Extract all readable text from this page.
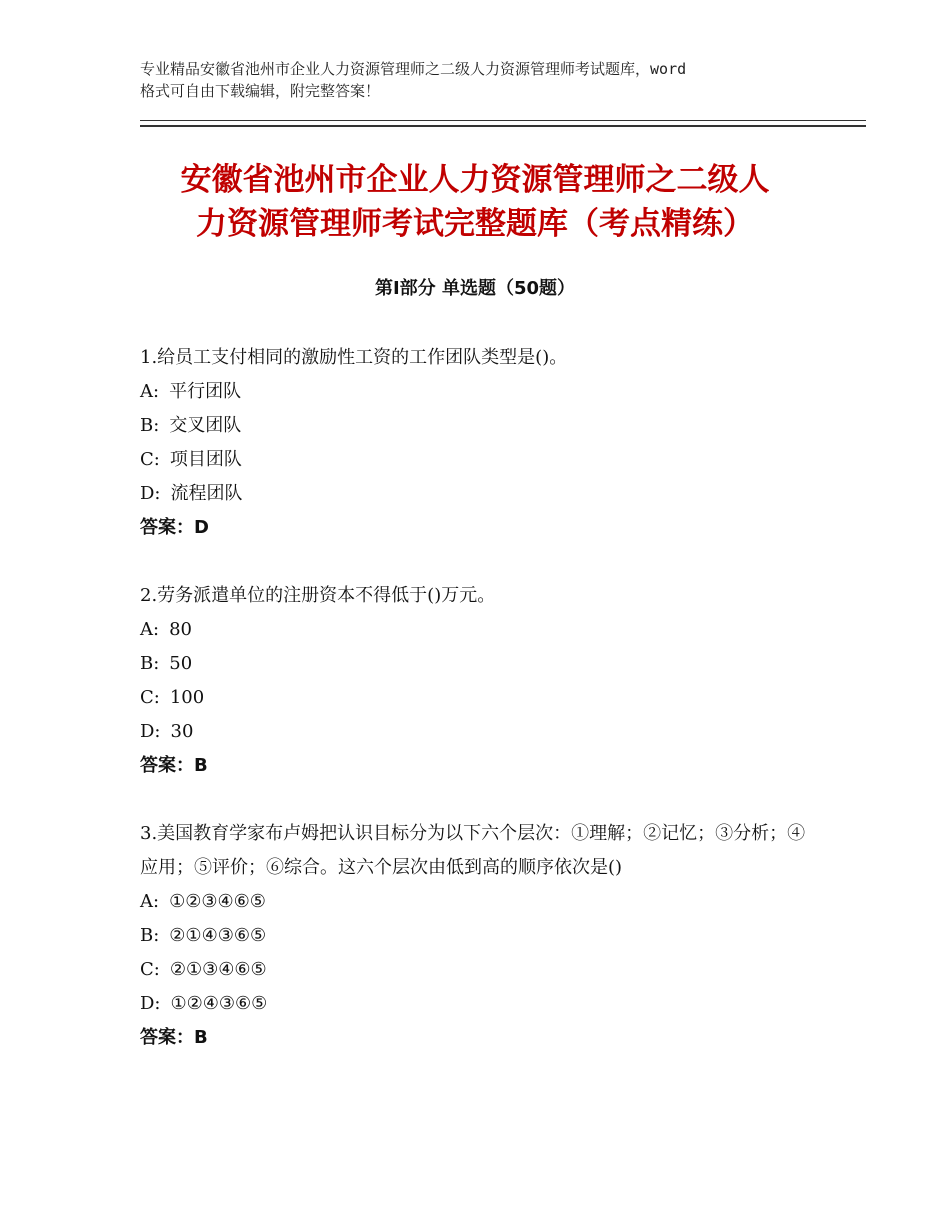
专业精品安徽省池州市企业人力资源管理师之二级人力资源管理师考试题库，word
格式可自由下载编辑，附完整答案！
安徽省池州市企业人力资源管理师之二级人
力资源管理师考试完整题库（考点精练）
第Ⅰ部分 单选题（50题）
1.给员工支付相同的激励性工资的工作团队类型是()。
A: 平行团队
B: 交叉团队
C: 项目团队
D: 流程团队
答案：D
2.劳务派遣单位的注册资本不得低于()万元。
A: 80
B: 50
C: 100
D: 30
答案：B
3.美国教育学家布卢姆把认识目标分为以下六个层次：①理解；②记忆；③分析；④应用；⑤评价；⑥综合。这六个层次由低到高的顺序依次是()
A: ①②③④⑥⑤
B: ②①④③⑥⑤
C: ②①③④⑥⑤
D: ①②④③⑥⑤
答案：B
